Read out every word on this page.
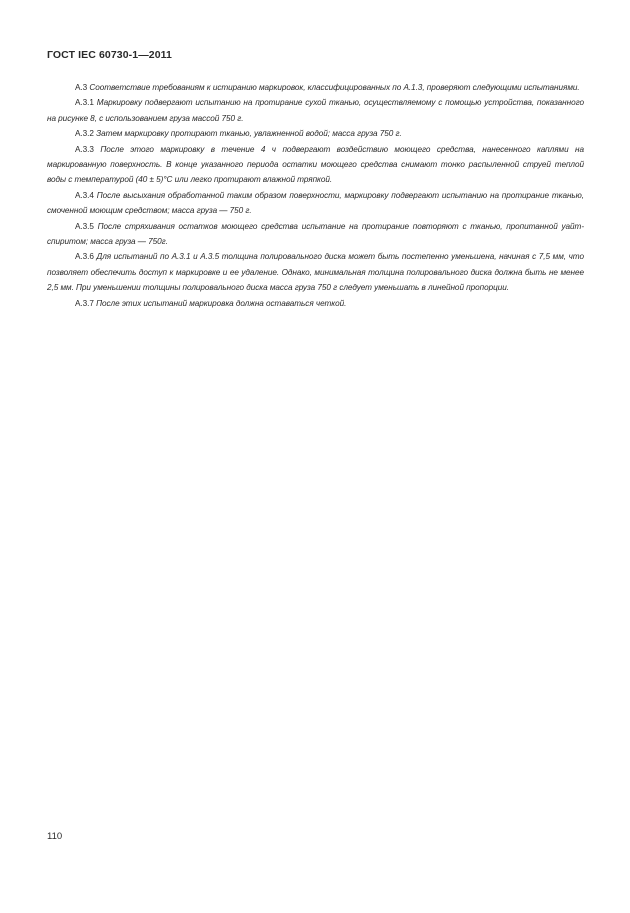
ГОСТ IEC 60730-1—2011

А.3 Соответствие требованиям к истиранию маркировок, классифицированных по А.1.3, проверяют следующими испытаниями.

А.3.1 Маркировку подвергают испытанию на протирание сухой тканью, осуществляемому с помощью устройства, показанного на рисунке 8, с использованием груза массой 750 г.

А.3.2 Затем маркировку протирают тканью, увлажненной водой; масса груза 750 г.

А.3.3 После этого маркировку в течение 4 ч подвергают воздействию моющего средства, нанесенного каплями на маркированную поверхность. В конце указанного периода остатки моющего средства снимают тонко распыленной струей теплой воды с температурой (40 ± 5)°С или легко протирают влажной тряпкой.

А.3.4 После высыхания обработанной таким образом поверхности, маркировку подвергают испытанию на протирание тканью, смоченной моющим средством; масса груза — 750 г.

А.3.5 После стряхивания остатков моющего средства испытание на протирание повторяют с тканью, пропитанной уайт-спиритом; масса груза — 750г.

А.3.6 Для испытаний по А.3.1 и А.3.5 толщина полировального диска может быть постепенно уменьшена, начиная с 7,5 мм, что позволяет обеспечить доступ к маркировке и ее удаление. Однако, минимальная толщина полировального диска должна быть не менее 2,5 мм. При уменьшении толщины полировального диска масса груза 750 г следует уменьшать в линейной пропорции.

А.3.7 После этих испытаний маркировка должна оставаться четкой.

110
